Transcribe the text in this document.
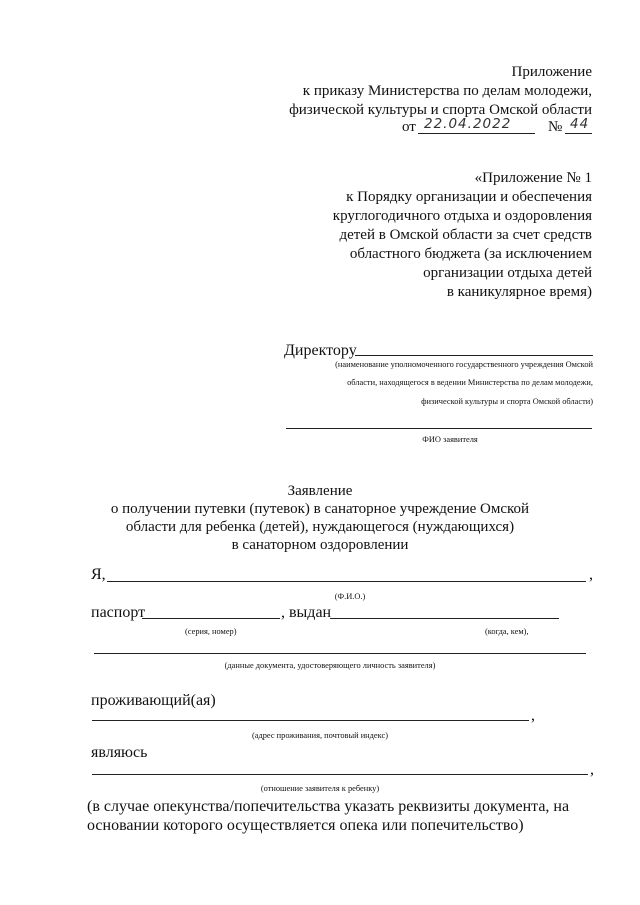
Приложение
к приказу Министерства по делам молодежи,
физической культуры и спорта Омской области
от 22.04.2022 № 44
«Приложение № 1
к Порядку организации и обеспечения
круглогодичного отдыха и оздоровления
детей в Омской области за счет средств
областного бюджета (за исключением
организации отдыха детей
в каникулярное время)
Директору
(наименование уполномоченного государственного учреждения Омской
области, находящегося в ведении Министерства по делам молодежи,
физической культуры и спорта Омской области)
ФИО заявителя
Заявление
о получении путевки (путевок) в санаторное учреждение Омской
области для ребенка (детей), нуждающегося (нуждающихся)
в санаторном оздоровлении
Я,	,
(Ф.И.О.)
паспорт	, выдан
(серия, номер)	(когда, кем),
(данные документа, удостоверяющего личность заявителя)
проживающий(ая)
,
(адрес проживания, почтовый индекс)
являюсь
,
(отношение заявителя к ребенку)
(в случае опекунства/попечительства указать реквизиты документа, на
основании которого осуществляется опека или попечительство)
